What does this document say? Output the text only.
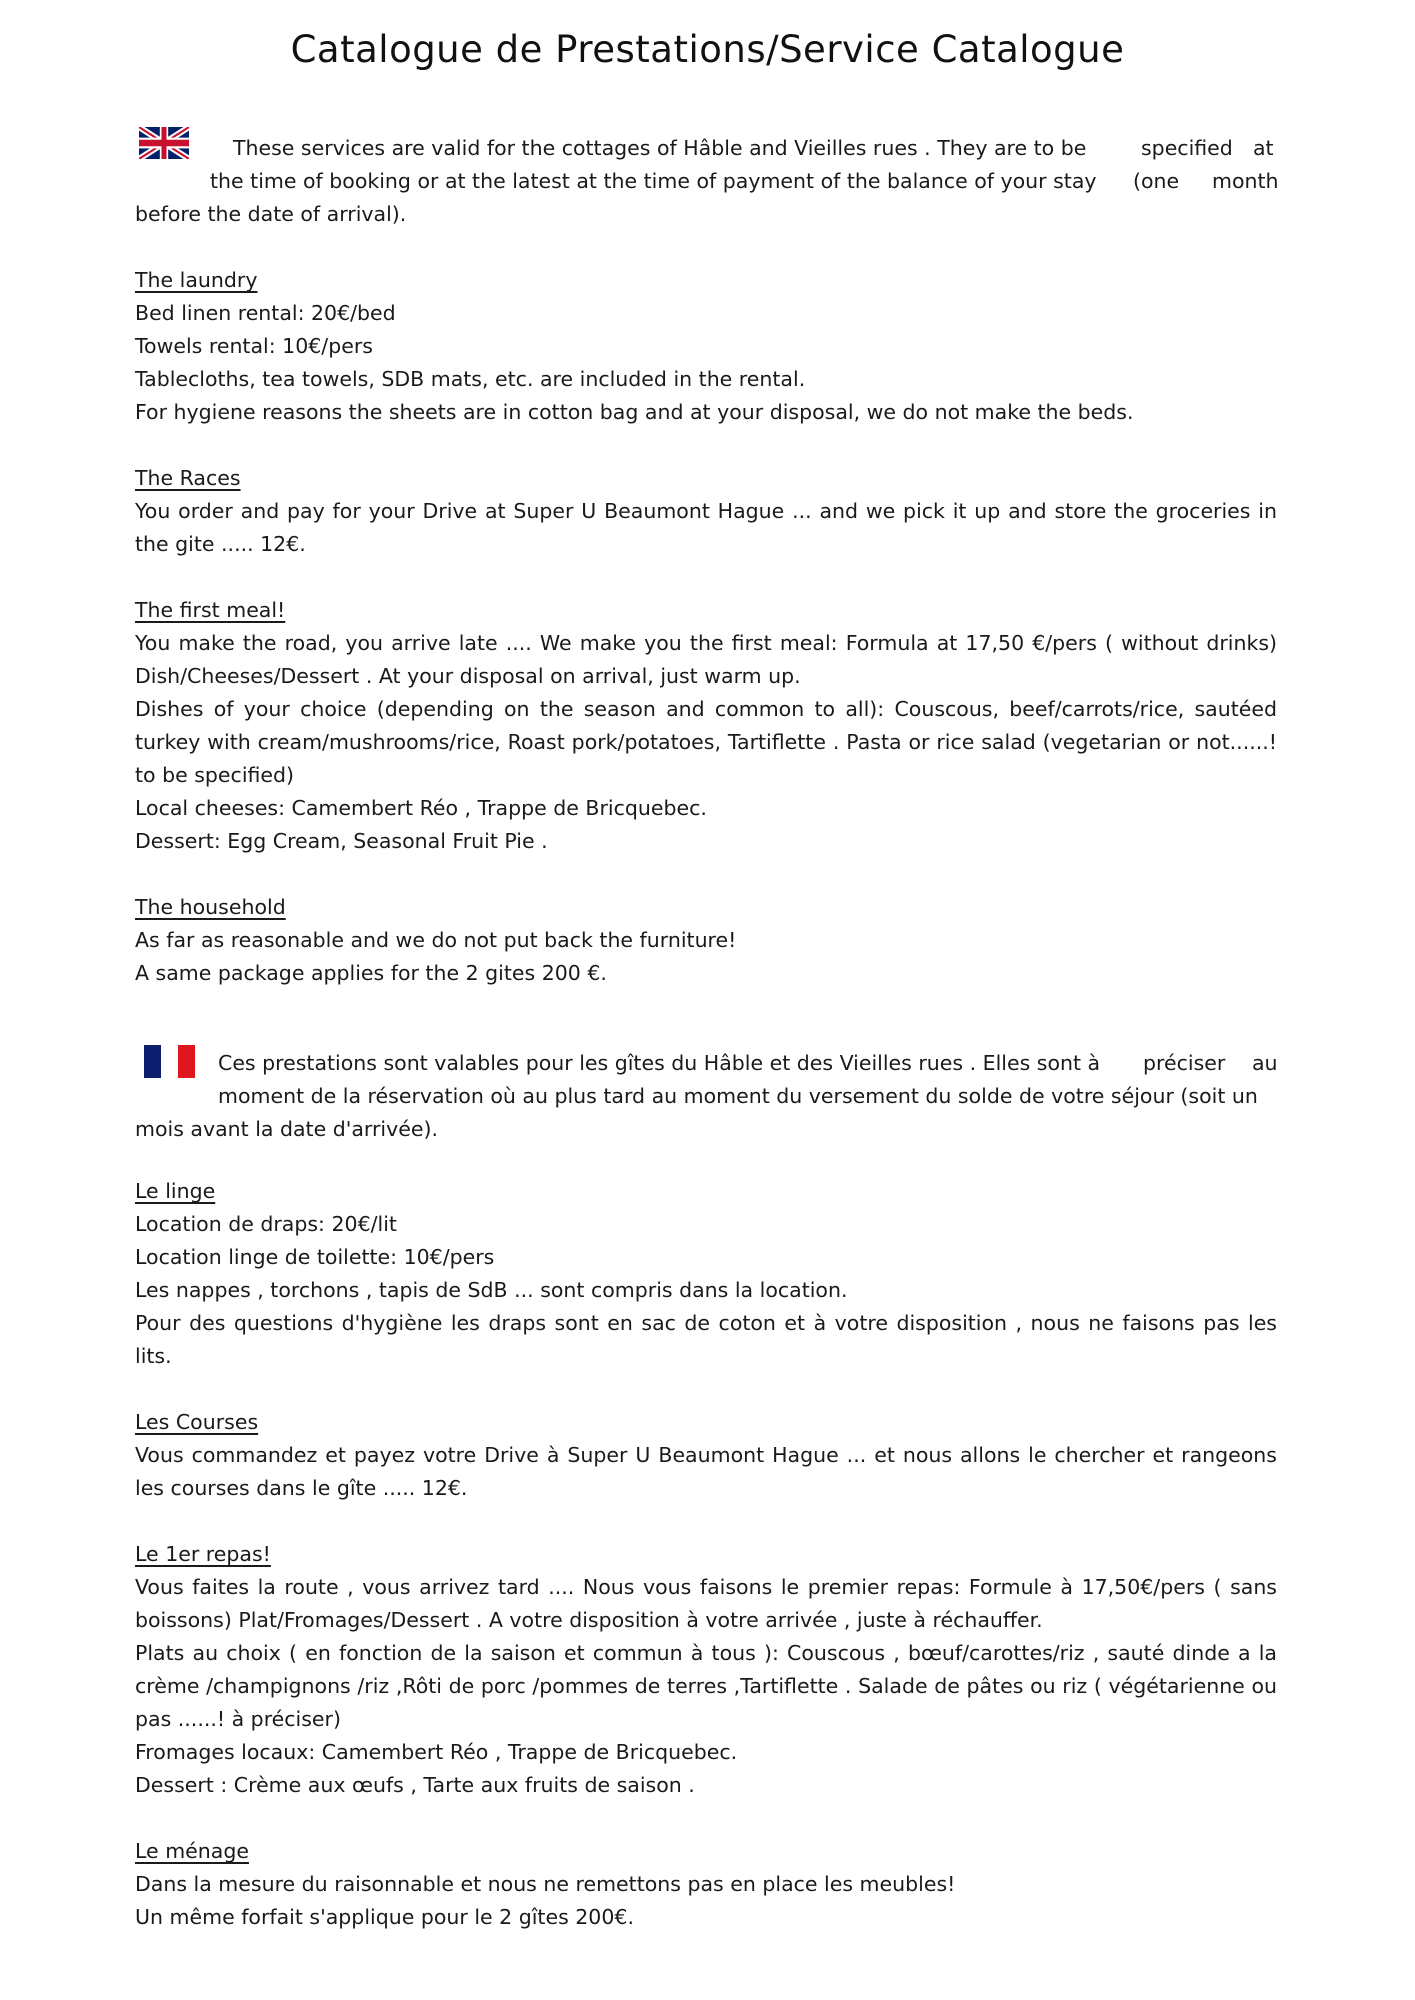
Catalogue de Prestations/Service Catalogue
These services are valid for the cottages of Hâble and Vieilles rues . They are to be	specified at
the time of booking or at the latest at the time of payment of the balance of your stay (one month

before the date of arrival).

The laundry

Bed linen rental: 20€/bed

Towels rental: 10€/pers

Tablecloths, tea towels, SDB mats, etc. are included in the rental.

For hygiene reasons the sheets are in cotton bag and at your disposal, we do not make the beds.

The Races

You order and pay for your Drive at Super U Beaumont Hague ... and we pick it up and store the groceries in the gite ..... 12€.

The first meal!

You make the road, you arrive late .... We make you the first meal: Formula at 17,50 €/pers ( without drinks) Dish/Cheeses/Dessert . At your disposal on arrival, just warm up.

Dishes of your choice (depending on the season and common to all): Couscous, beef/carrots/rice, sautéed turkey with cream/mushrooms/rice, Roast pork/potatoes, Tartiflette . Pasta or rice salad (vegetarian or not......! to be specified)

Local cheeses: Camembert Réo , Trappe de Bricquebec.

Dessert: Egg Cream, Seasonal Fruit Pie .

The household

As far as reasonable and we do not put back the furniture!

A same package applies for the 2 gites 200 €.

Ces prestations sont valables pour les gîtes du Hâble et des Vieilles rues . Elles sont à préciser au
moment de la réservation où au plus tard au moment du versement du solde de votre séjour (soit un

mois avant la date d'arrivée).

Le linge

Location de draps: 20€/lit

Location linge de toilette: 10€/pers

Les nappes , torchons , tapis de SdB ... sont compris dans la location.

Pour des questions d'hygiène les draps sont en sac de coton et à votre disposition , nous ne faisons pas les lits.

Les Courses

Vous commandez et payez votre Drive à Super U Beaumont Hague ... et nous allons le chercher et rangeons les courses dans le gîte ..... 12€.

Le 1er repas!

Vous faites la route , vous arrivez tard .... Nous vous faisons le premier repas: Formule à 17,50€/pers ( sans boissons) Plat/Fromages/Dessert . A votre disposition à votre arrivée , juste à réchauffer.

Plats au choix ( en fonction de la saison et commun à tous ): Couscous , bœuf/carottes/riz , sauté dinde a la crème /champignons /riz ,Rôti de porc /pommes de terres ,Tartiflette . Salade de pâtes ou riz ( végétarienne ou pas ......! à préciser)

Fromages locaux: Camembert Réo , Trappe de Bricquebec.

Dessert : Crème aux œufs , Tarte aux fruits de saison .

Le ménage

Dans la mesure du raisonnable et nous ne remettons pas en place les meubles!

Un même forfait s'applique pour le 2 gîtes 200€.
